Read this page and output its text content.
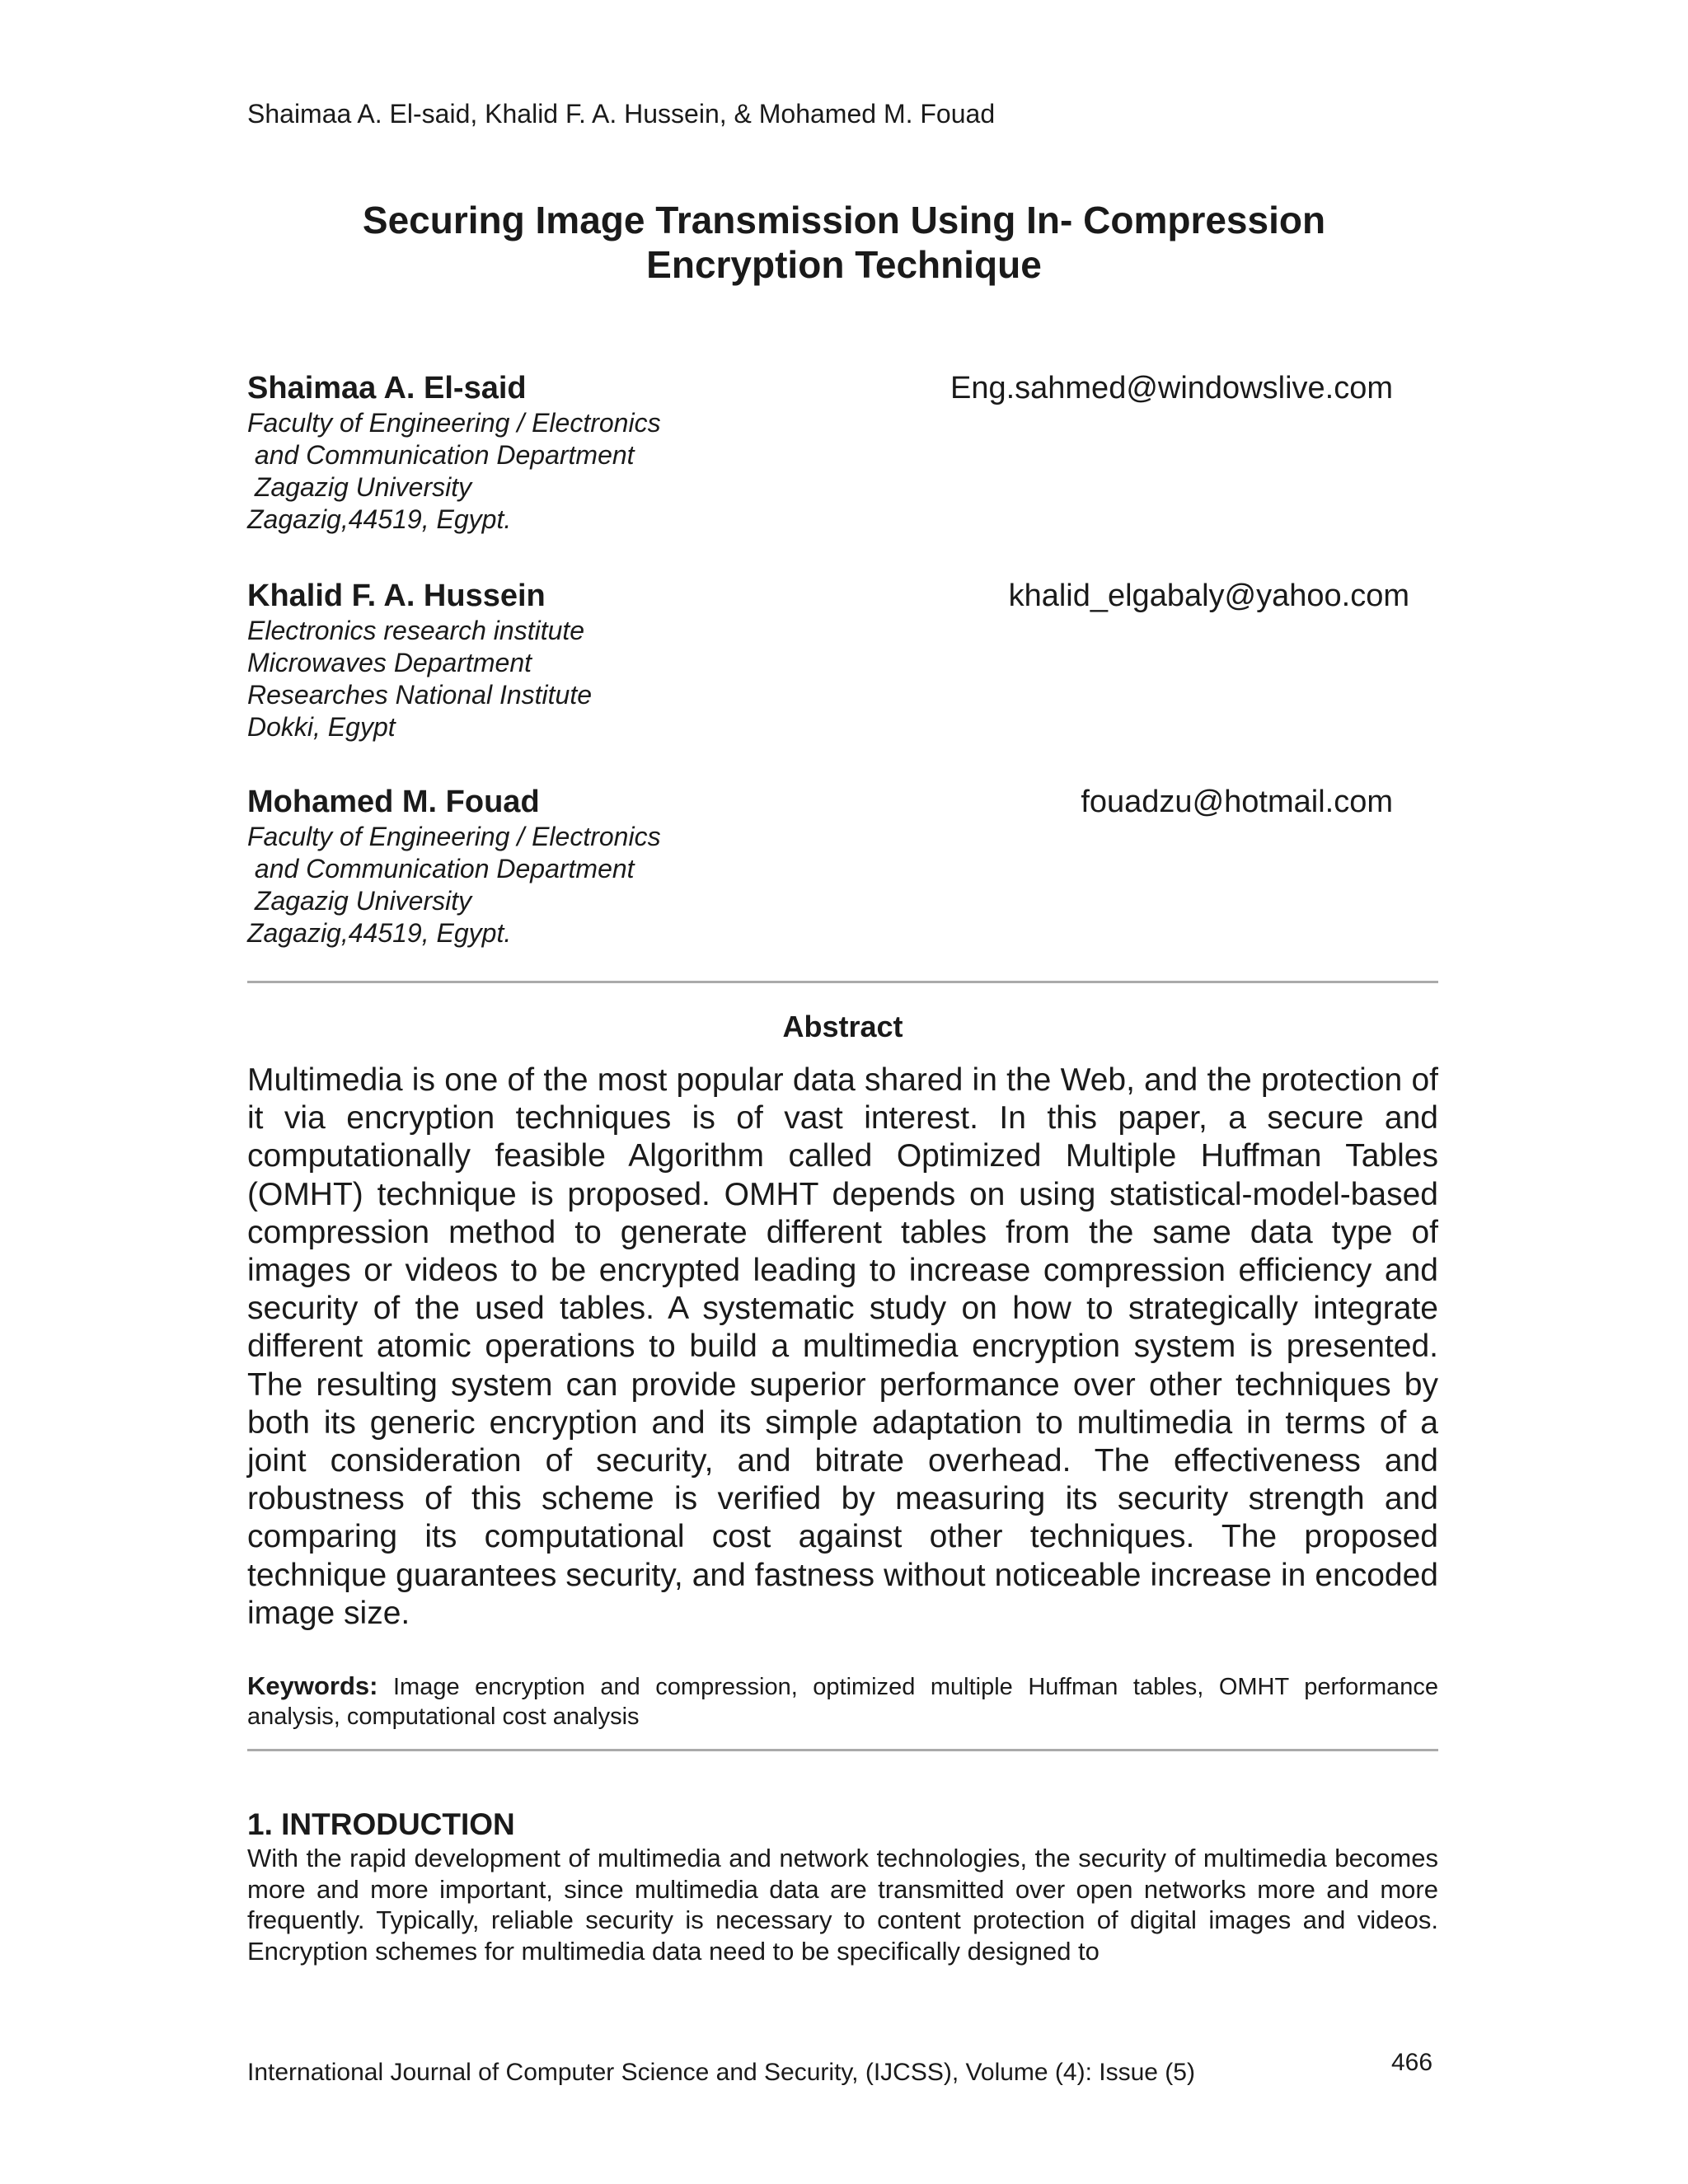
Shaimaa A. El-said, Khalid F. A. Hussein, & Mohamed M. Fouad
Securing Image Transmission Using In- Compression
Encryption Technique
Shaimaa A. El-said	Eng.sahmed@windowslive.com
Faculty of Engineering / Electronics
and Communication Department
Zagazig University
Zagazig,44519, Egypt.
Khalid F. A. Hussein	khalid_elgabaly@yahoo.com
Electronics research institute
Microwaves Department
Researches National Institute
Dokki, Egypt
Mohamed M. Fouad	fouadzu@hotmail.com
Faculty of Engineering / Electronics
and Communication Department
Zagazig University
Zagazig,44519, Egypt.
Abstract
Multimedia is one of the most popular data shared in the Web, and the protection of it via encryption techniques is of vast interest. In this paper, a secure and computationally feasible Algorithm called Optimized Multiple Huffman Tables (OMHT) technique is proposed. OMHT depends on using statistical-model-based compression method to generate different tables from the same data type of images or videos to be encrypted leading to increase compression efficiency and security of the used tables. A systematic study on how to strategically integrate different atomic operations to build a multimedia encryption system is presented. The resulting system can provide superior performance over other techniques by both its generic encryption and its simple adaptation to multimedia in terms of a joint consideration of security, and bitrate overhead. The effectiveness and robustness of this scheme is verified by measuring its security strength and comparing its computational cost against other techniques. The proposed technique guarantees security, and fastness without noticeable increase in encoded image size.
Keywords: Image encryption and compression, optimized multiple Huffman tables, OMHT performance analysis, computational cost analysis
1. INTRODUCTION
With the rapid development of multimedia and network technologies, the security of multimedia becomes more and more important, since multimedia data are transmitted over open networks more and more frequently. Typically, reliable security is necessary to content protection of digital images and videos. Encryption schemes for multimedia data need to be specifically designed to
International Journal of Computer Science and Security, (IJCSS), Volume (4): Issue (5)	466
